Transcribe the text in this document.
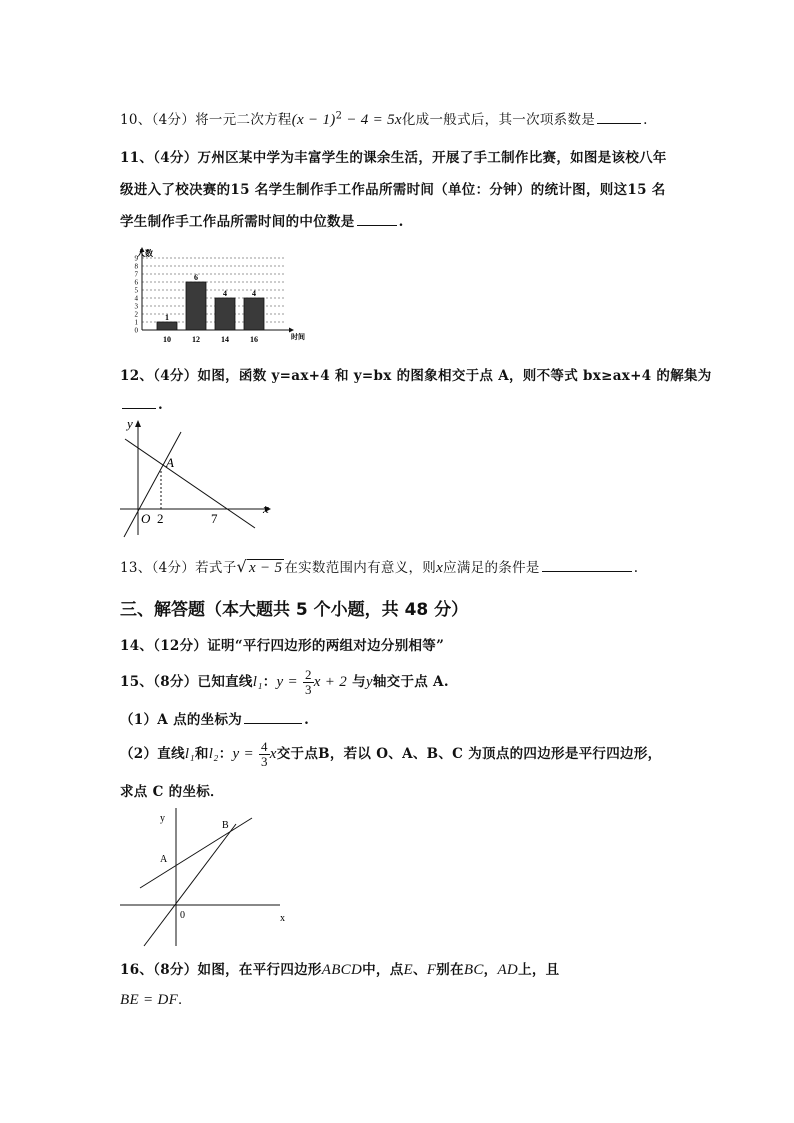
10、（4分）将一元二次方程$(x - 1)^2 - 4 = 5x$化成一般式后，其一次项系数是	.
11、（4分）万州区某中学为丰富学生的课余生活，开展了手工制作比赛，如图是该校八年
级进入了校决赛的15 名学生制作手工作品所需时间（单位：分钟）的统计图，则这15 名
学生制作手工作品所需时间的中位数是	.
0
1
2
3
4
5
6
7
8
9
1
10
6
12
4
14
4
16
人数
时间
12、（4分）如图，函数 y=ax+4 和 y=bx 的图象相交于点 A，则不等式 bx≥ax+4 的解集为
.
y
x
A
O 2	7
13、（4分）若式子√ x − 5 在实数范围内有意义，则x应满足的条件是	.
三、解答题（本大题共 5 个小题，共 48 分）
14、（12分）证明“平行四边形的两组对边分别相等”
15、（8分）已知直线l₁：$y = \frac{2}{3}$ x + 2 与y轴交于点 A.
（1）A 点的坐标为	.
（2）直线l₁和l₂：$y = \frac{4}{3}$ x交于点B，若以 O、A、B、C 为顶点的四边形是平行四边形，
求点 C 的坐标．
y
x
A
B
0
16、（8分）如图，在平行四边形ABCD中，点E、F别在BC，AD上，且
BE = DF．
